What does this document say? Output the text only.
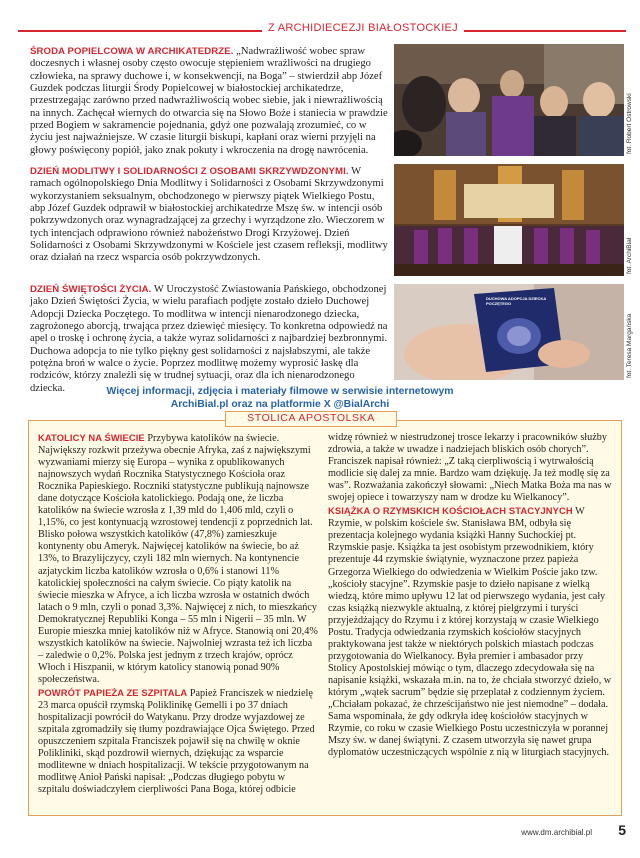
Z ARCHIDIECEZJI BIAŁOSTOCKIEJ

ŚRODA POPIELCOWA W ARCHIKATEDRZE. „Nadwrażliwość wobec spraw doczesnych i własnej osoby często owocuje stępieniem wrażliwości na drugiego człowieka, na sprawy duchowe i, w konsekwencji, na Boga” – stwierdził abp Józef Guzdek podczas liturgii Środy Popielcowej w białostockiej archikatedrze, przestrzegając zarówno przed nadwrażliwością wobec siebie, jak i niewrażliwością na innych. Zachęcał wiernych do otwarcia się na Słowo Boże i staniecia w prawdzie przed Bogiem w sakramencie pojednania, gdyż one pozwalają zrozumieć, co w życiu jest najważniejsze. W czasie liturgii biskupi, kapłani oraz wierni przyjęli na głowy poświęcony popiół, jako znak pokuty i wkroczenia na drogę nawrócenia.

DZIEŃ MODLITWY I SOLIDARNOŚCI Z OSOBAMI SKRZYWDZONYMI. W ramach ogólnopolskiego Dnia Modlitwy i Solidarności z Osobami Skrzywdzonymi wykorzystaniem seksualnym, obchodzonego w pierwszy piątek Wielkiego Postu, abp Józef Guzdek odprawił w białostockiej archikatedrze Mszę św. w intencji osób pokrzywdzonych oraz wynagradzającej za grzechy i wyrządzone zło. Wieczorem w tych intencjach odprawiono również nabożeństwo Drogi Krzyżowej. Dzień Solidarności z Osobami Skrzywdzonymi w Kościele jest czasem refleksji, modlitwy oraz działań na rzecz wsparcia osób pokrzywdzonych.

DZIEŃ ŚWIĘTOŚCI ŻYCIA. W Uroczystość Zwiastowania Pańskiego, obchodzonej jako Dzień Świętości Życia, w wielu parafiach podjęte zostało dzieło Duchowej Adopcji Dziecka Poczętego. To modlitwa w intencji nienarodzonego dziecka, zagrożonego aborcją, trwająca przez dziewięć miesięcy. To konkretna odpowiedź na apel o troskę i ochronę życia, a także wyraz solidarności z najbardziej bezbronnymi. Duchowa adopcja to nie tylko piękny gest solidarności z najsłabszymi, ale także potężna broń w walce o życie. Poprzez modlitwę możemy wyprosić łaskę dla rodziców, którzy znaleźli się w trudnej sytuacji, oraz dla ich nienarodzonego dziecka.

fot. Robert Ostrowski
fot. ArchiBiał
DUCHOWA ADOPCJA DZIECKA POCZĘTEGO
fot. Teresa Margańska
Więcej informacji, zdjęcia i materiały filmowe w serwisie internetowym
ArchiBial.pl oraz na platformie X @BialArchi
STOLICA APOSTOLSKA

KATOLICY NA ŚWIECIE Przybywa katolików na świecie. Największy rozkwit przeżywa obecnie Afryka, zaś z największymi wyzwaniami mierzy się Europa – wynika z opublikowanych najnowszych wydań Rocznika Statystycznego Kościoła oraz Rocznika Papieskiego. Roczniki statystyczne publikują najnowsze dane dotyczące Kościoła katolickiego. Podają one, że liczba katolików na świecie wzrosła z 1,39 mld do 1,406 mld, czyli o 1,15%, co jest kontynuacją wzrostowej tendencji z poprzednich lat. Blisko połowa wszystkich katolików (47,8%) zamieszkuje kontynenty obu Ameryk. Najwięcej katolików na świecie, bo aż 13%, to Brazylijczycy, czyli 182 mln wiernych. Na kontynencie azjatyckim liczba katolików wzrosła o 0,6% i stanowi 11% katolickiej społeczności na całym świecie. Co piąty katolik na świecie mieszka w Afryce, a ich liczba wzrosła w ostatnich dwóch latach o 9 mln, czyli o ponad 3,3%. Najwięcej z nich, to mieszkańcy Demokratycznej Republiki Konga – 55 mln i Nigerii – 35 mln. W Europie mieszka mniej katolików niż w Afryce. Stanowią oni 20,4% wszystkich katolików na świecie. Najwolniej wzrasta też ich liczba – zaledwie o 0,2%. Polska jest jednym z trzech krajów, oprócz Włoch i Hiszpanii, w którym katolicy stanowią ponad 90% społeczeństwa.

POWRÓT PAPIEŻA ZE SZPITALA Papież Franciszek w niedzielę 23 marca opuścił rzymską Poliklinikę Gemelli i po 37 dniach hospitalizacji powrócił do Watykanu. Przy drodze wyjazdowej ze szpitala zgromadziły się tłumy pozdrawiające Ojca Świętego. Przed opuszczeniem szpitala Franciszek pojawił się na chwilę w oknie Polikliniki, skąd pozdrowił wiernych, dziękując za wsparcie modlitewne w dniach hospitalizacji. W tekście przygotowanym na modlitwę Anioł Pański napisał: „Podczas długiego pobytu w szpitalu doświadczyłem cierpliwości Pana Boga, której odbicie

widzę również w niestrudzonej trosce lekarzy i pracowników służby zdrowia, a także w uwadze i nadziejach bliskich osób chorych”. Franciszek napisał również: „Z taką cierpliwością i wytrwałością modlicie się dalej za mnie. Bardzo wam dziękuję. Ja też modlę się za was”. Rozważania zakończył słowami: „Niech Matka Boża ma nas w swojej opiece i towarzyszy nam w drodze ku Wielkanocy”.

KSIĄŻKA O RZYMSKICH KOŚCIOŁACH STACYJNYCH W Rzymie, w polskim kościele św. Stanisława BM, odbyła się prezentacja kolejnego wydania książki Hanny Suchockiej pt. Rzymskie pasje. Książka ta jest osobistym przewodnikiem, który prezentuje 44 rzymskie świątynie, wyznaczone przez papieża Grzegorza Wielkiego do odwiedzenia w Wielkim Poście jako tzw. „kościoły stacyjne”. Rzymskie pasje to dzieło napisane z wielką wiedzą, które mimo upływu 12 lat od pierwszego wydania, jest cały czas książką niezwykle aktualną, z której pielgrzymi i turyści przyjeżdżający do Rzymu i z której korzystają w czasie Wielkiego Postu. Tradycja odwiedzania rzymskich kościołów stacyjnych praktykowana jest także w niektórych polskich miastach podczas przygotowania do Wielkanocy. Była premier i ambasador przy Stolicy Apostolskiej mówiąc o tym, dlaczego zdecydowała się na napisanie książki, wskazała m.in. na to, że chciała stworzyć dzieło, w którym „wątek sacrum” będzie się przeplatał z codziennym życiem. „Chciałam pokazać, że chrześcijaństwo nie jest niemodne” – dodała. Sama wspominała, że gdy odkryła ideę kościołów stacyjnych w Rzymie, co roku w czasie Wielkiego Postu uczestniczyła w porannej Mszy św. w danej świątyni. Z czasem utworzyła się nawet grupa dyplomatów uczestniczących wspólnie z nią w liturgiach stacyjnych.

www.dm.archibial.pl 5
